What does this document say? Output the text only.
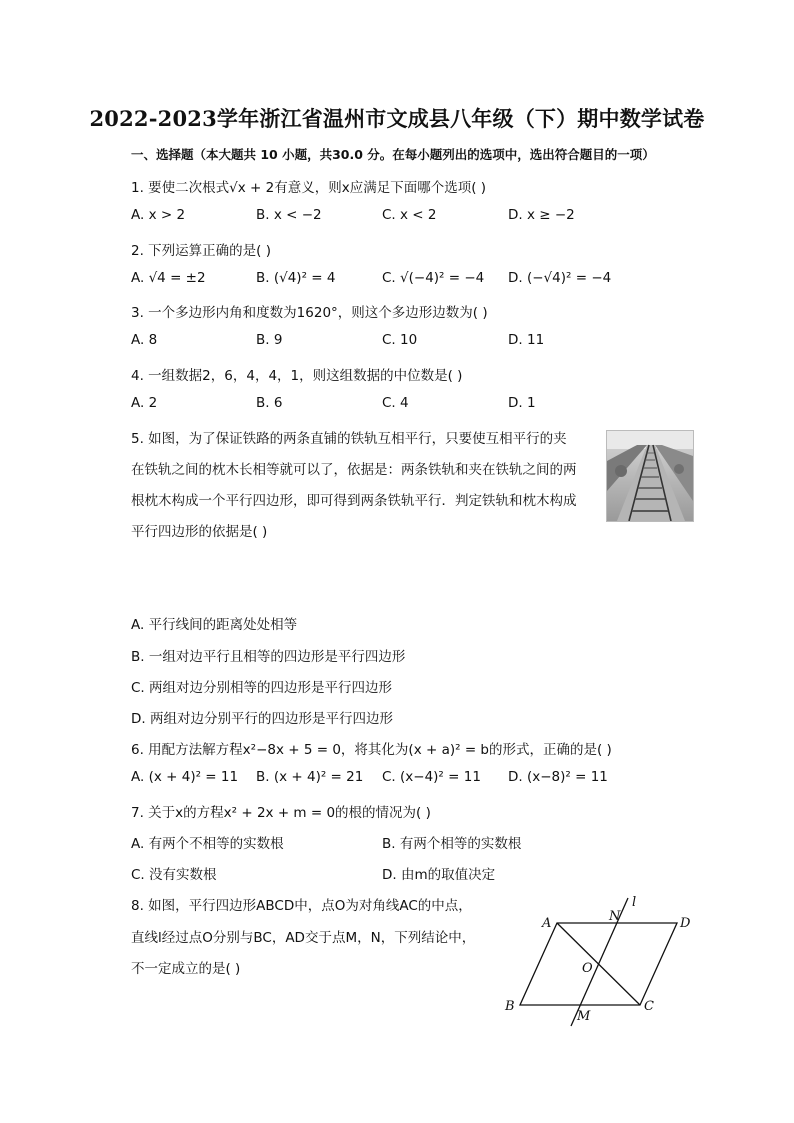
2022-2023学年浙江省温州市文成县八年级（下）期中数学试卷
一、选择题（本大题共 10 小题，共30.0 分。在每小题列出的选项中，选出符合题目的一项）
1. 要使二次根式√x + 2有意义，则x应满足下面哪个选项( )
A. x > 2	B. x < −2	C. x < 2	D. x ≥ −2
2. 下列运算正确的是( )
A. √4 = ±2	B. (√4)² = 4	C. √(−4)² = −4 D. (−√4)² = −4
3. 一个多边形内角和度数为1620°，则这个多边形边数为( )
A. 8	B. 9	C. 10	D. 11
4. 一组数据2，6，4，4，1，则这组数据的中位数是( )
A. 2	B. 6	C. 4	D. 1
5. 如图，为了保证铁路的两条直铺的铁轨互相平行，只要使互相平行的夹
在铁轨之间的枕木长相等就可以了，依据是：两条铁轨和夹在铁轨之间的两
根枕木构成一个平行四边形，即可得到两条铁轨平行．判定铁轨和枕木构成
平行四边形的依据是( )
A. 平行线间的距离处处相等
B. 一组对边平行且相等的四边形是平行四边形
C. 两组对边分别相等的四边形是平行四边形
D. 两组对边分别平行的四边形是平行四边形
6. 用配方法解方程x²−8x + 5 = 0，将其化为(x + a)² = b的形式，正确的是( )
A. (x + 4)² = 11 B. (x + 4)² = 21 C. (x−4)² = 11 D. (x−8)² = 11
7. 关于x的方程x² + 2x + m = 0的根的情况为( )
A. 有两个不相等的实数根	B. 有两个相等的实数根
C. 没有实数根	D. 由m的取值决定
8. 如图，平行四边形ABCD中，点O为对角线AC的中点，
直线l经过点O分别与BC，AD交于点M，N，下列结论中，
不一定成立的是( )
A	D
B	C
N
l
O
M
